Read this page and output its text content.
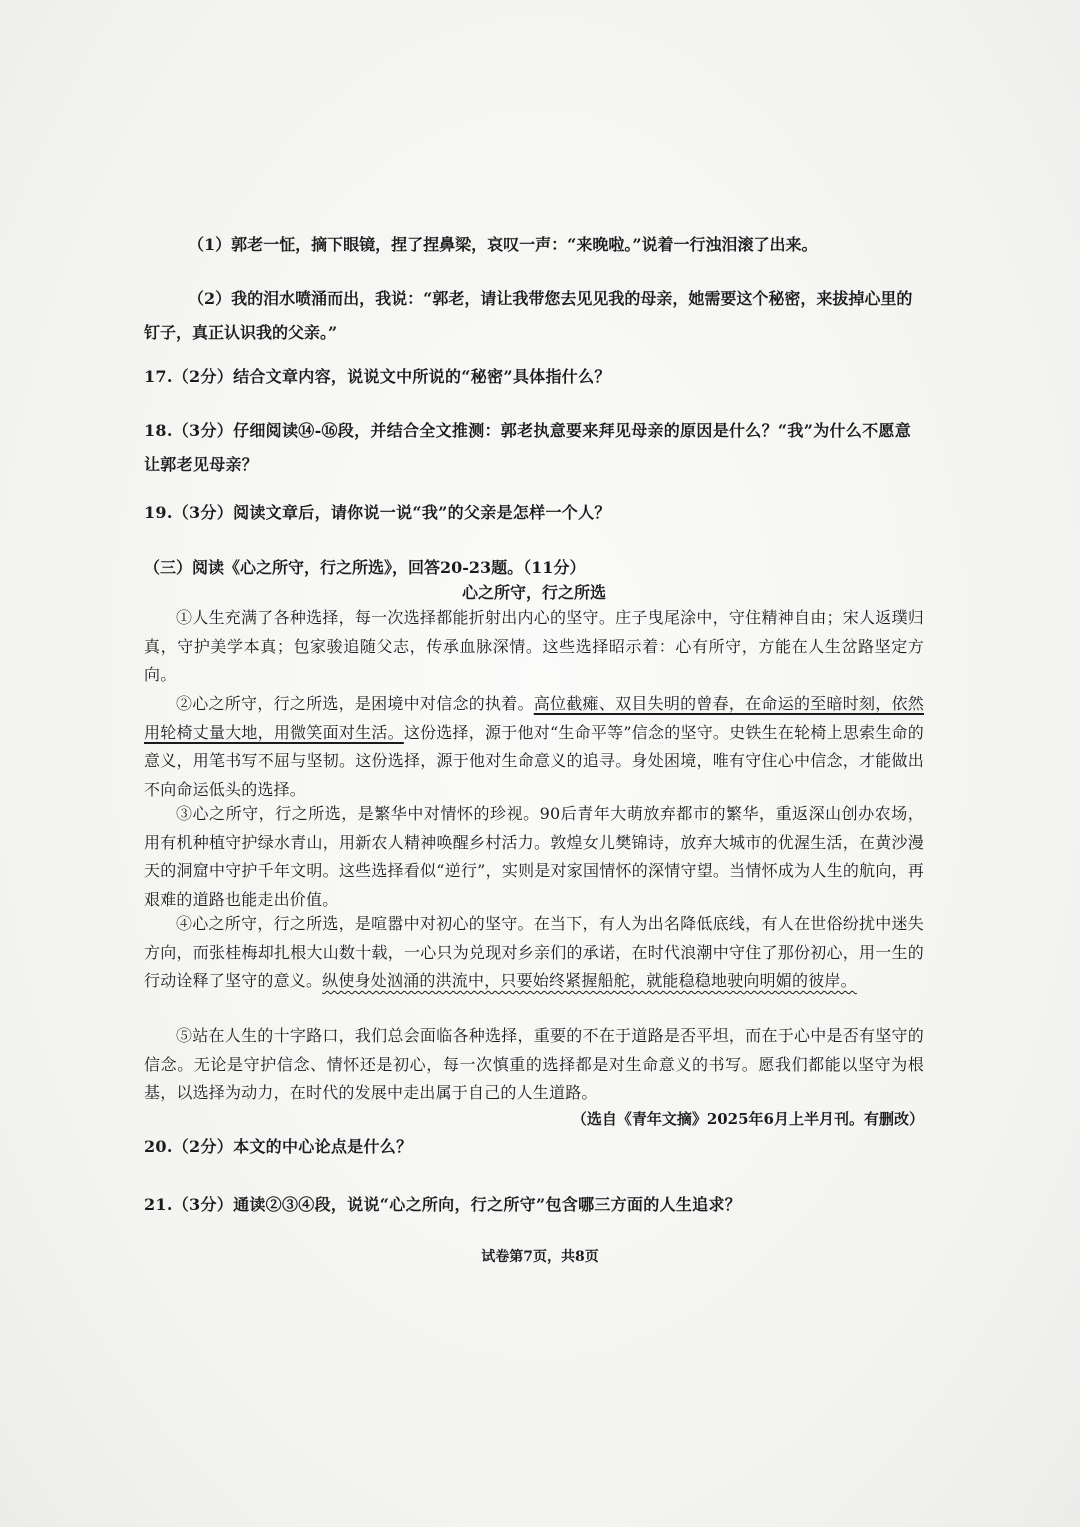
（1）郭老一怔，摘下眼镜，捏了捏鼻梁，哀叹一声：“来晚啦。”说着一行浊泪滚了出来。

（2）我的泪水喷涌而出，我说：“郭老，请让我带您去见见我的母亲，她需要这个秘密，来拔掉心里的钉子，真正认识我的父亲。”

17.（2分）结合文章内容，说说文中所说的“秘密”具体指什么？

18.（3分）仔细阅读⑭-⑯段，并结合全文推测：郭老执意要来拜见母亲的原因是什么？“我”为什么不愿意让郭老见母亲？

19.（3分）阅读文章后，请你说一说“我”的父亲是怎样一个人？

（三）阅读《心之所守，行之所选》，回答20-23题。（11分）

心之所守，行之所选

①人生充满了各种选择，每一次选择都能折射出内心的坚守。庄子曳尾涂中，守住精神自由；宋人返璞归真，守护美学本真；包家骏追随父志，传承血脉深情。这些选择昭示着：心有所守，方能在人生岔路坚定方向。

②心之所守，行之所选，是困境中对信念的执着。高位截瘫、双目失明的曾春，在命运的至暗时刻，依然用轮椅丈量大地，用微笑面对生活。这份选择，源于他对“生命平等”信念的坚守。史铁生在轮椅上思索生命的意义，用笔书写不屈与坚韧。这份选择，源于他对生命意义的追寻。身处困境，唯有守住心中信念，才能做出不向命运低头的选择。

③心之所守，行之所选，是繁华中对情怀的珍视。90后青年大萌放弃都市的繁华，重返深山创办农场，用有机种植守护绿水青山，用新农人精神唤醒乡村活力。敦煌女儿樊锦诗，放弃大城市的优渥生活，在黄沙漫天的洞窟中守护千年文明。这些选择看似“逆行”，实则是对家国情怀的深情守望。当情怀成为人生的航向，再艰难的道路也能走出价值。

④心之所守，行之所选，是喧嚣中对初心的坚守。在当下，有人为出名降低底线，有人在世俗纷扰中迷失方向，而张桂梅却扎根大山数十载，一心只为兑现对乡亲们的承诺，在时代浪潮中守住了那份初心，用一生的行动诠释了坚守的意义。纵使身处汹涌的洪流中，只要始终紧握船舵，就能稳稳地驶向明媚的彼岸。

⑤站在人生的十字路口，我们总会面临各种选择，重要的不在于道路是否平坦，而在于心中是否有坚守的信念。无论是守护信念、情怀还是初心，每一次慎重的选择都是对生命意义的书写。愿我们都能以坚守为根基，以选择为动力，在时代的发展中走出属于自己的人生道路。

（选自《青年文摘》2025年6月上半月刊。有删改）

20.（2分）本文的中心论点是什么？

21.（3分）通读②③④段，说说“心之所向，行之所守”包含哪三方面的人生追求？

试卷第7页，共8页
